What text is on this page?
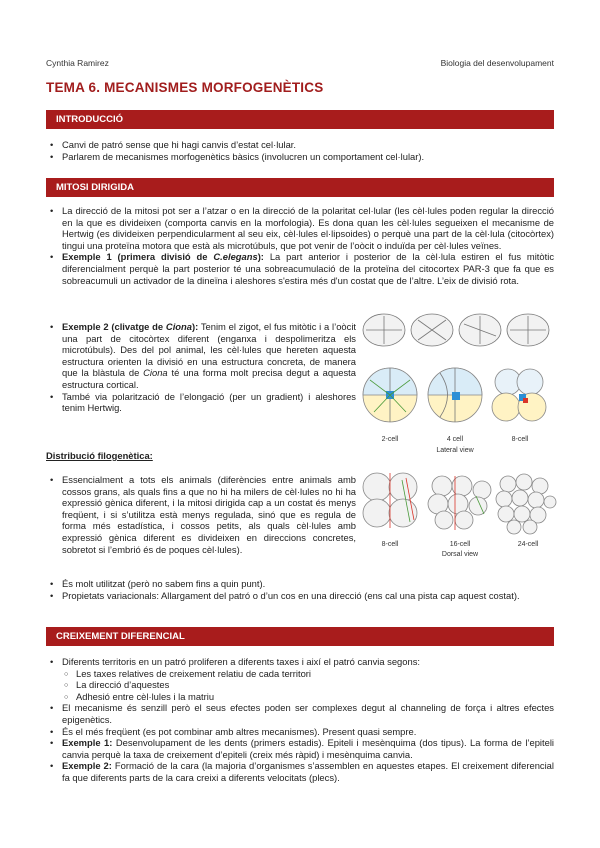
Cynthia Ramirez	Biologia del desenvolupament
TEMA 6. MECANISMES MORFOGENÈTICS
INTRODUCCIÓ
• Canvi de patró sense que hi hagi canvis d’estat cel·lular.
• Parlarem de mecanismes morfogenètics bàsics (involucren un comportament cel·lular).
MITOSI DIRIGIDA
• La direcció de la mitosi pot ser a l’atzar o en la direcció de la polaritat cel·lular (les cèl·lules poden regular la direcció en la que es divideixen (comporta canvis en la morfologia). Es dona quan les cèl·lules segueixen el mecanisme de Hertwig (es divideixen perpendicularment al seu eix, cèl·lules el·lipsoides) o perquè una part de la cèl·lula (citocòrtex) tingui una proteïna motora que està als microtúbuls, que pot venir de l’oòcit o induïda per cèl·lules veïnes.
• Exemple 1 (primera divisió de C.elegans): La part anterior i posterior de la cèl·lula estiren el fus mitòtic diferencialment perquè la part posterior té una sobreacumulació de la proteïna del citocortex PAR-3 que fa que es sobreacumuli un activador de la dineïna i aleshores s'estira més d'un costat que de l’altre. L’eix de divisió rota.
• Exemple 2 (clivatge de Ciona): Tenim el zigot, el fus mitòtic i a l’oòcit una part de citocòrtex diferent (enganxa i despolimeritza els microtúbuls). Des del pol animal, les cèl·lules que hereten aquesta estructura orienten la divisió en una estructura concreta, de manera que la blàstula de Ciona té una forma molt precisa degut a aquesta estructura cortical.
• També via polarització de l’elongació (per un gradient) i aleshores tenim Hertwig.
Distribució filogenètica:
• Essencialment a tots els animals (diferències entre animals amb cossos grans, als quals fins a que no hi ha milers de cèl·lules no hi ha expressió gènica diferent, i la mitosi dirigida cap a un costat és menys freqüent, i si s’utilitza està menys regulada, sinó que es regula de forma més estadística, i cossos petits, als quals cèl·lules amb expressió gènica diferent es divideixen en direccions concretes, sobretot si l’embrió és de poques cèl·lules).
• És molt utilitzat (però no sabem fins a quin punt).
• Propietats variacionals: Allargament del patró o d’un cos en una direcció (ens cal una pista cap aquest costat).
2-cell	4 cell	8-cell
Lateral view
8-cell	16-cell	24-cell
Dorsal view
CREIXEMENT DIFERENCIAL
• Diferents territoris en un patró proliferen a diferents taxes i així el patró canvia segons:
○ Les taxes relatives de creixement relatiu de cada territori
○ La direcció d’aquestes
○ Adhesió entre cèl·lules i la matriu
• El mecanisme és senzill però el seus efectes poden ser complexes degut al channeling de força i altres efectes epigenètics.
• És el més freqüent (es pot combinar amb altres mecanismes). Present quasi sempre.
• Exemple 1: Desenvolupament de les dents (primers estadis). Epiteli i mesènquima (dos tipus). La forma de l’epiteli canvia perquè la taxa de creixement d’epiteli (creix més ràpid) i mesènquima canvia.
• Exemple 2: Formació de la cara (la majoria d’organismes s’assemblen en aquestes etapes. El creixement diferencial fa que diferents parts de la cara creixi a diferents velocitats (plecs).
